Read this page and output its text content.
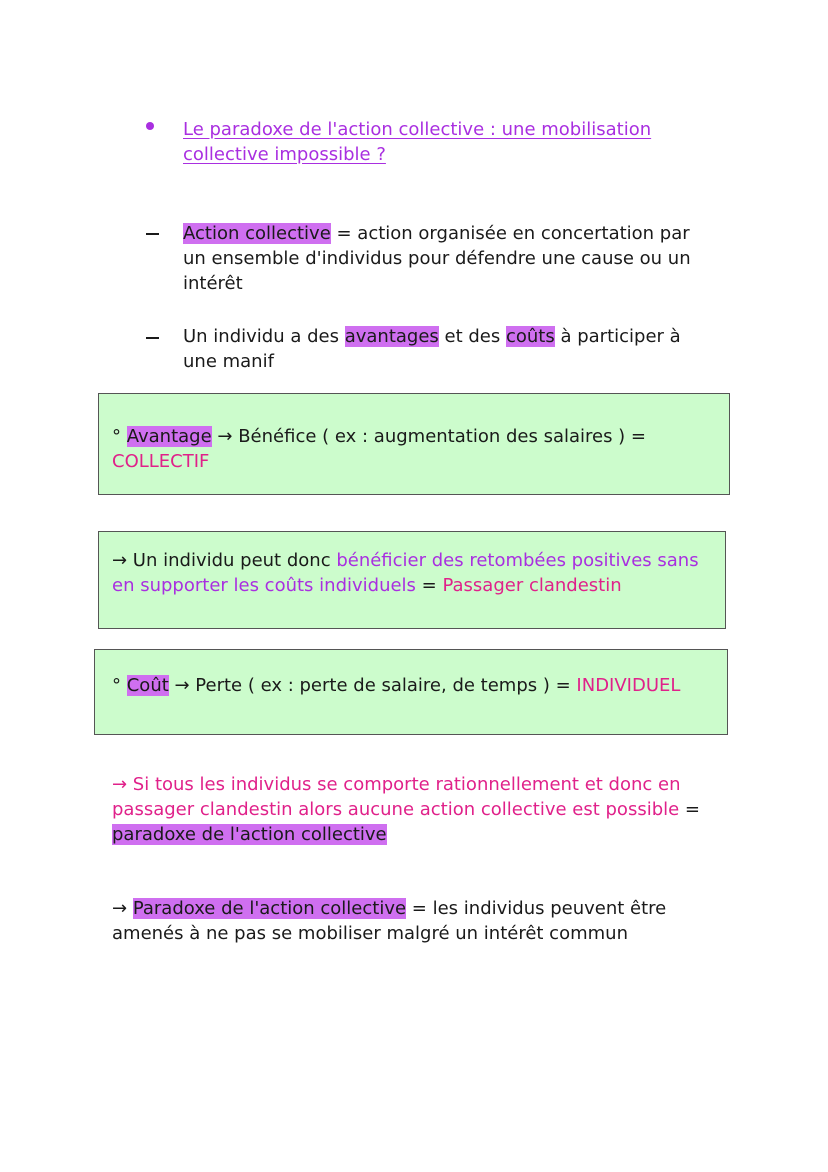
Le paradoxe de l'action collective : une mobilisation
collective impossible ?
Action collective = action organisée en concertation par
un ensemble d'individus pour défendre une cause ou un
intérêt
Un individu a des avantages et des coûts à participer à
une manif
° Avantage → Bénéfice ( ex : augmentation des salaires ) =
COLLECTIF
→ Un individu peut donc bénéficier des retombées positives sans
en supporter les coûts individuels = Passager clandestin
° Coût → Perte ( ex : perte de salaire, de temps ) = INDIVIDUEL
→ Si tous les individus se comporte rationnellement et donc en
passager clandestin alors aucune action collective est possible =
paradoxe de l'action collective
→ Paradoxe de l'action collective = les individus peuvent être
amenés à ne pas se mobiliser malgré un intérêt commun
